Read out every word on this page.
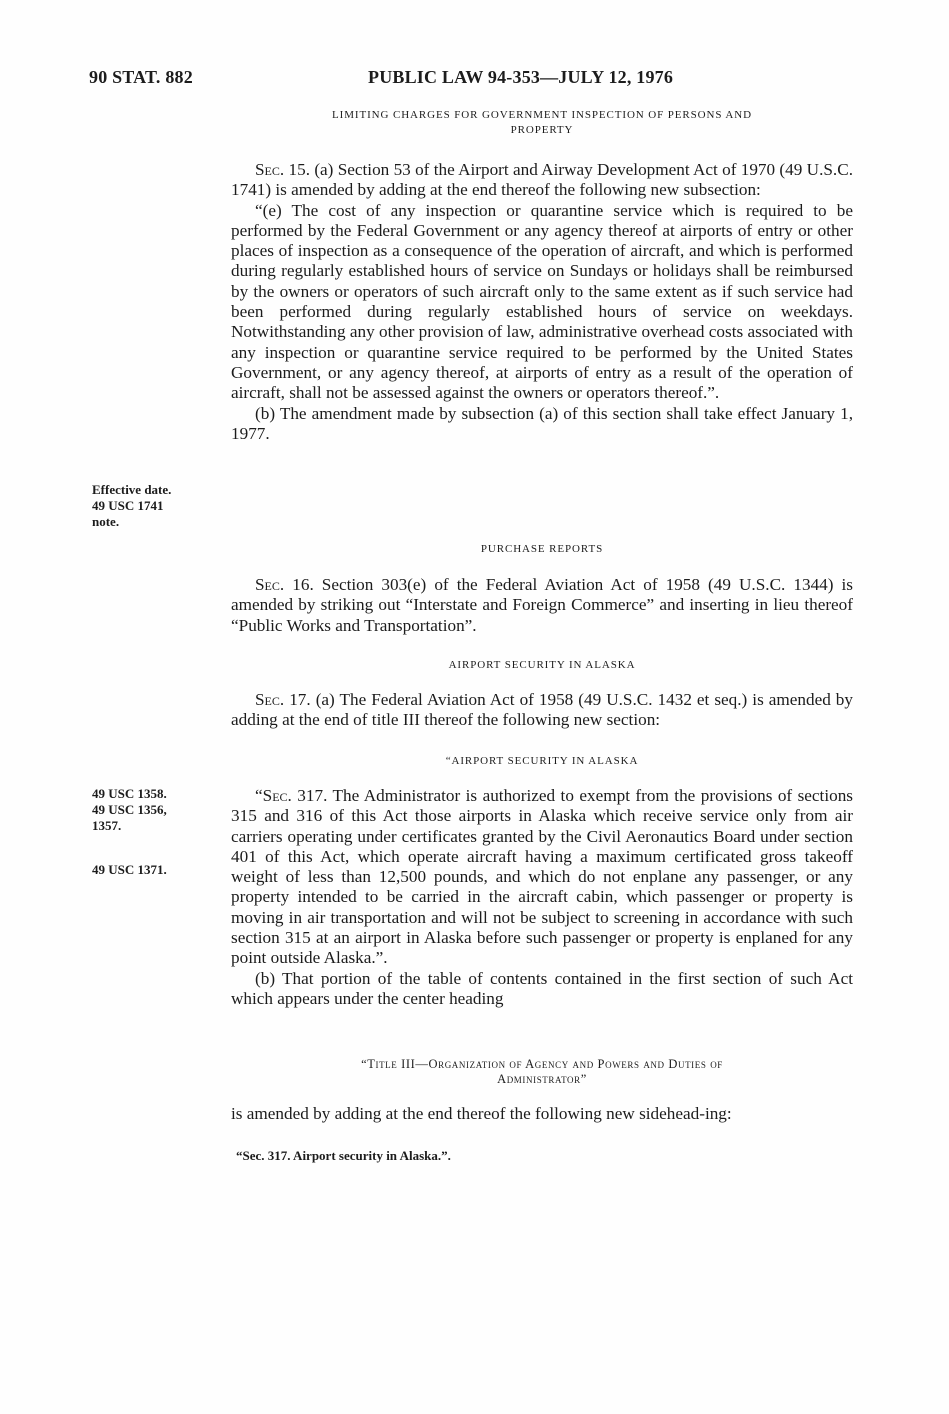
90 STAT. 882	PUBLIC LAW 94-353—JULY 12, 1976
LIMITING CHARGES FOR GOVERNMENT INSPECTION OF PERSONS AND
PROPERTY

Sec. 15. (a) Section 53 of the Airport and Airway Development Act of 1970 (49 U.S.C. 1741) is amended by adding at the end thereof the following new subsection:

“(e) The cost of any inspection or quarantine service which is required to be performed by the Federal Government or any agency thereof at airports of entry or other places of inspection as a consequence of the operation of aircraft, and which is performed during regularly established hours of service on Sundays or holidays shall be reimbursed by the owners or operators of such aircraft only to the same extent as if such service had been performed during regularly established hours of service on weekdays. Notwithstanding any other provision of law, administrative overhead costs associated with any inspection or quarantine service required to be performed by the United States Government, or any agency thereof, at airports of entry as a result of the operation of aircraft, shall not be assessed against the owners or operators thereof.”.

(b) The amendment made by subsection (a) of this section shall take effect January 1, 1977.

Effective date.
49 USC 1741
note.
PURCHASE REPORTS

Sec. 16. Section 303(e) of the Federal Aviation Act of 1958 (49 U.S.C. 1344) is amended by striking out “Interstate and Foreign Commerce” and inserting in lieu thereof “Public Works and Transportation”.

AIRPORT SECURITY IN ALASKA

Sec. 17. (a) The Federal Aviation Act of 1958 (49 U.S.C. 1432 et seq.) is amended by adding at the end of title III thereof the following new section:

“AIRPORT SECURITY IN ALASKA

“Sec. 317. The Administrator is authorized to exempt from the provisions of sections 315 and 316 of this Act those airports in Alaska which receive service only from air carriers operating under certificates granted by the Civil Aeronautics Board under section 401 of this Act, which operate aircraft having a maximum certificated gross takeoff weight of less than 12,500 pounds, and which do not enplane any passenger, or any property intended to be carried in the aircraft cabin, which passenger or property is moving in air transportation and will not be subject to screening in accordance with such section 315 at an airport in Alaska before such passenger or property is enplaned for any point outside Alaska.”.

(b) That portion of the table of contents contained in the first section of such Act which appears under the center heading

“Title III—Organization of Agency and Powers and Duties of
Administrator”

is amended by adding at the end thereof the following new sidehead-ing:

“Sec. 317. Airport security in Alaska.”.
49 USC 1358.
49 USC 1356,
1357.
49 USC 1371.
